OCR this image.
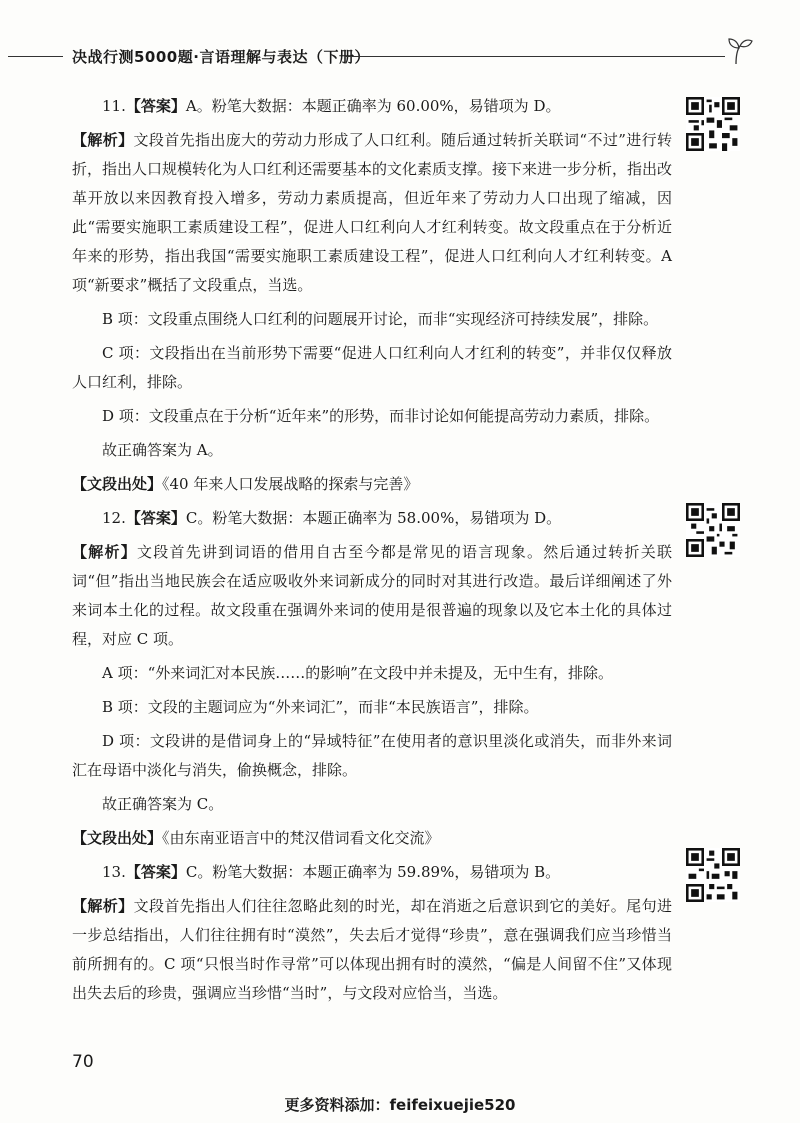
决战行测5000题·言语理解与表达（下册）

11.【答案】A。粉笔大数据：本题正确率为 60.00%，易错项为 D。

【解析】文段首先指出庞大的劳动力形成了人口红利。随后通过转折关联词“不过”进行转折，指出人口规模转化为人口红利还需要基本的文化素质支撑。接下来进一步分析，指出改革开放以来因教育投入增多，劳动力素质提高，但近年来了劳动力人口出现了缩减，因此“需要实施职工素质建设工程”，促进人口红利向人才红利转变。故文段重点在于分析近年来的形势，指出我国“需要实施职工素质建设工程”，促进人口红利向人才红利转变。A 项“新要求”概括了文段重点，当选。

B 项：文段重点围绕人口红利的问题展开讨论，而非“实现经济可持续发展”，排除。

C 项：文段指出在当前形势下需要“促进人口红利向人才红利的转变”，并非仅仅释放人口红利，排除。

D 项：文段重点在于分析“近年来”的形势，而非讨论如何能提高劳动力素质，排除。

故正确答案为 A。

【文段出处】《40 年来人口发展战略的探索与完善》

12.【答案】C。粉笔大数据：本题正确率为 58.00%，易错项为 D。

【解析】文段首先讲到词语的借用自古至今都是常见的语言现象。然后通过转折关联词“但”指出当地民族会在适应吸收外来词新成分的同时对其进行改造。最后详细阐述了外来词本土化的过程。故文段重在强调外来词的使用是很普遍的现象以及它本土化的具体过程，对应 C 项。

A 项：“外来词汇对本民族……的影响”在文段中并未提及，无中生有，排除。

B 项：文段的主题词应为“外来词汇”，而非“本民族语言”，排除。

D 项：文段讲的是借词身上的“异域特征”在使用者的意识里淡化或消失，而非外来词汇在母语中淡化与消失，偷换概念，排除。

故正确答案为 C。

【文段出处】《由东南亚语言中的梵汉借词看文化交流》

13.【答案】C。粉笔大数据：本题正确率为 59.89%，易错项为 B。

【解析】文段首先指出人们往往忽略此刻的时光，却在消逝之后意识到它的美好。尾句进一步总结指出，人们往往拥有时“漠然”，失去后才觉得“珍贵”，意在强调我们应当珍惜当前所拥有的。C 项“只恨当时作寻常”可以体现出拥有时的漠然，“偏是人间留不住”又体现出失去后的珍贵，强调应当珍惜“当时”，与文段对应恰当，当选。

70
更多资料添加：feifeixuejie520
